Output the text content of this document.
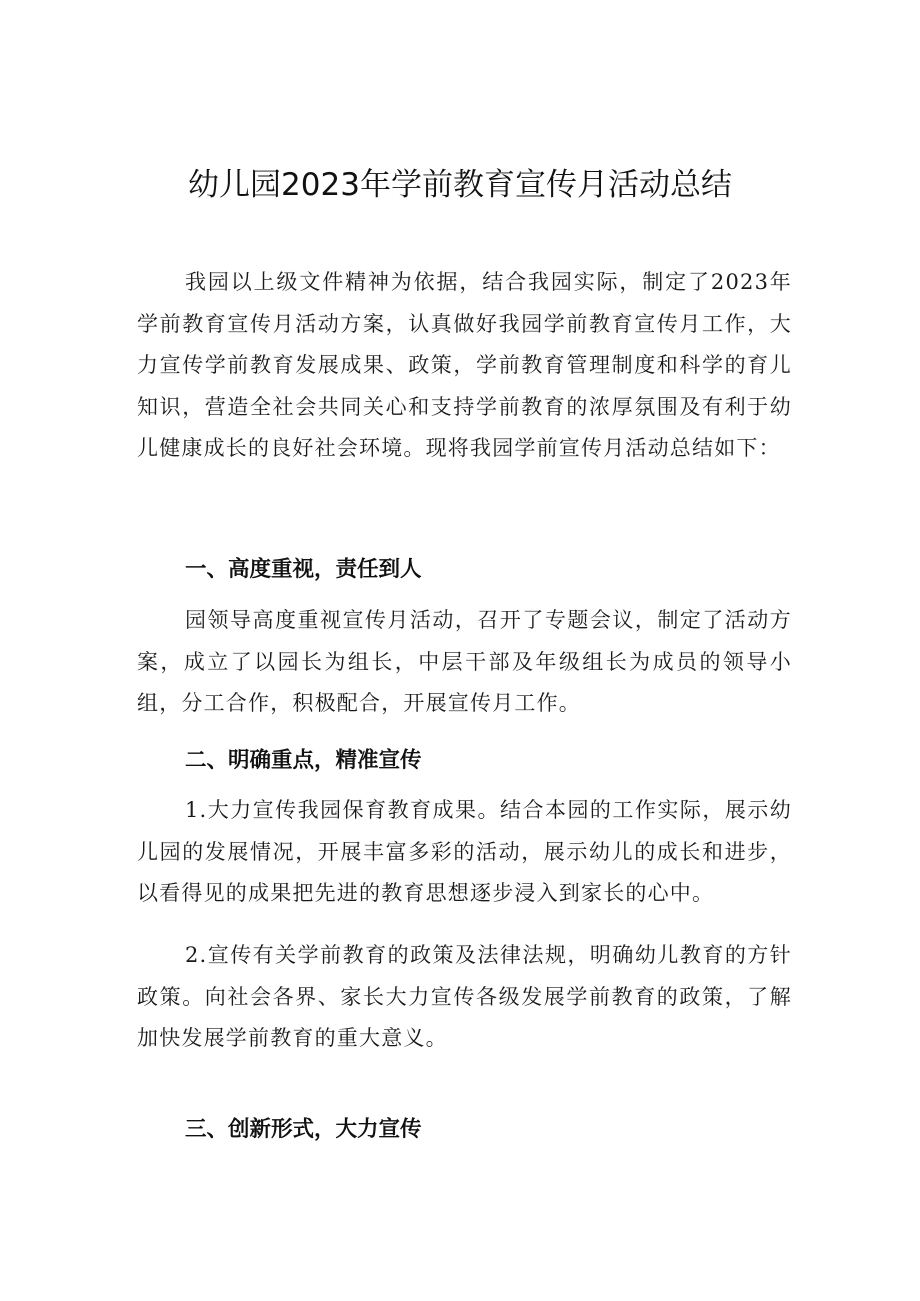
幼儿园2023年学前教育宣传月活动总结

我园以上级文件精神为依据，结合我园实际，制定了2023年学前教育宣传月活动方案，认真做好我园学前教育宣传月工作，大力宣传学前教育发展成果、政策，学前教育管理制度和科学的育儿知识，营造全社会共同关心和支持学前教育的浓厚氛围及有利于幼儿健康成长的良好社会环境。现将我园学前宣传月活动总结如下：

一、高度重视，责任到人

园领导高度重视宣传月活动，召开了专题会议，制定了活动方案，成立了以园长为组长，中层干部及年级组长为成员的领导小组，分工合作，积极配合，开展宣传月工作。

二、明确重点，精准宣传

1.大力宣传我园保育教育成果。结合本园的工作实际，展示幼儿园的发展情况，开展丰富多彩的活动，展示幼儿的成长和进步，以看得见的成果把先进的教育思想逐步浸入到家长的心中。

2.宣传有关学前教育的政策及法律法规，明确幼儿教育的方针政策。向社会各界、家长大力宣传各级发展学前教育的政策，了解加快发展学前教育的重大意义。

三、创新形式，大力宣传
